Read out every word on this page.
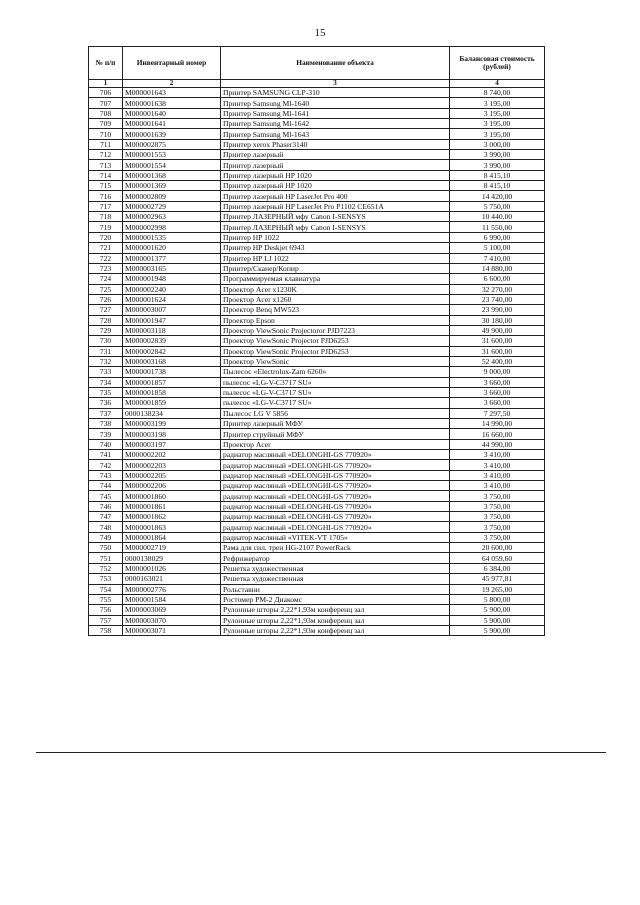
15
№ п/п	Инвентарный номер	Наименование объекта	Балансовая стоимость (рублей)
1	2	3	4
706	M000001643	Принтер SAMSUNG CLP-310	8 740,00
707	M000001638	Принтер Samsung Ml-1640	3 195,00
708	M000001640	Принтер Samsung Ml-1641	3 195,00
709	M000001641	Принтер Samsung Ml-1642	3 195,00
710	M000001639	Принтер Samsung Ml-1643	3 195,00
711	M000002875	Принтер xerox Phaser3140	3 000,00
712	M000001553	Принтер лазерный	3 990,00
713	M000001554	Принтер лазерный	3 990,00
714	M000001368	Принтер лазерный HP 1020	8 415,10
715	M000001369	Принтер лазерный HP 1020	8 415,10
716	M000002809	Принтер лазерный HP LaserJet Pro 400	14 420,00
717	M000002729	Принтер лазерный HP LaserJet Pro P1102 CE651A	5 750,00
718	M000002963	Принтер ЛАЗЕРНЫЙ мфу Canon I-SENSYS	10 440,00
719	M000002998	Принтер ЛАЗЕРНЫЙ мфу Canon I-SENSYS	11 550,00
720	M000001535	Принтер HP 1022	6 990,00
721	M000001620	Принтер HP Deskjet 6943	5 100,00
722	M000001377	Принтер HP LJ 1022	7 410,00
723	M000003165	Принтер/Сканер/Копир	14 880,00
724	M000001948	Программируемая клавиатура	6 600,00
725	M000002240	Проектор Acer x1230K	32 270,00
726	M000001624	Проектор Acer x1260	23 740,00
727	M000003007	Проектор Benq MW523	23 990,00
728	M000001947	Проектор Epson	30 180,00
729	M000003118	Проектор ViewSonic Projectoror PJD7223	49 900,00
730	M000002839	Проектор ViewSonic Projector PJD6253	31 600,00
731	M000002842	Проектор ViewSonic Projector PJD6253	31 600,00
732	M000003168	Проектор ViewSonic	52 400,00
733	M000001738	Пылесос «Electrolux-Zam 6260»	9 000,00
734	M000001857	пылесос «LG-V-C3717 SU»	3 660,00
735	M000001858	пылесос «LG-V-C3717 SU»	3 660,00
736	M000001859	пылесос «LG-V-C3717 SU»	3 660,00
737	0000138234	Пылесос LG V 5856	7 297,50
738	M000003199	Принтер лазерный МФУ	14 990,00
739	M000003198	Принтер струйный МФУ	16 660,00
740	M000003197	Проектор Acer	44 990,00
741	M000002202	радиатор масляный «DELONGHI-GS 770920»	3 410,00
742	M000002203	радиатор масляный «DELONGHI-GS 770920»	3 410,00
743	M000002205	радиатор масляный «DELONGHI-GS 770920»	3 410,00
744	M000002206	радиатор масляный «DELONGHI-GS 770920»	3 410,00
745	M000001860	радиатор масляный «DELONGHI-GS 770920»	3 750,00
746	M000001861	радиатор масляный «DELONGHI-GS 770920»	3 750,00
747	M000001862	радиатор масляный «DELONGHI-GS 770920»	3 750,00
748	M000001863	радиатор масляный «DELONGHI-GS 770920»	3 750,00
749	M000001864	радиатор масляный «VITEK-VT 1705»	3 750,00
750	M000002719	Рама для сил. трен HG-2107 PowerRack	20 600,00
751	0000138029	Рефрижератор	64 059,60
752	M000001026	Решетка художественная	6 384,00
753	0000163021	Решетка художественная	45 977,81
754	M000002776	Рольставни	19 265,00
755	M000001584	Ростомер РМ-2 Диакомс	5 800,00
756	M000003069	Рулонные шторы 2,22*1,93м конференц зал	5 900,00
757	M000003070	Рулонные шторы 2,22*1,93м конференц зал	5 900,00
758	M000003071	Рулонные шторы 2,22*1,93м конференц зал	5 900,00
